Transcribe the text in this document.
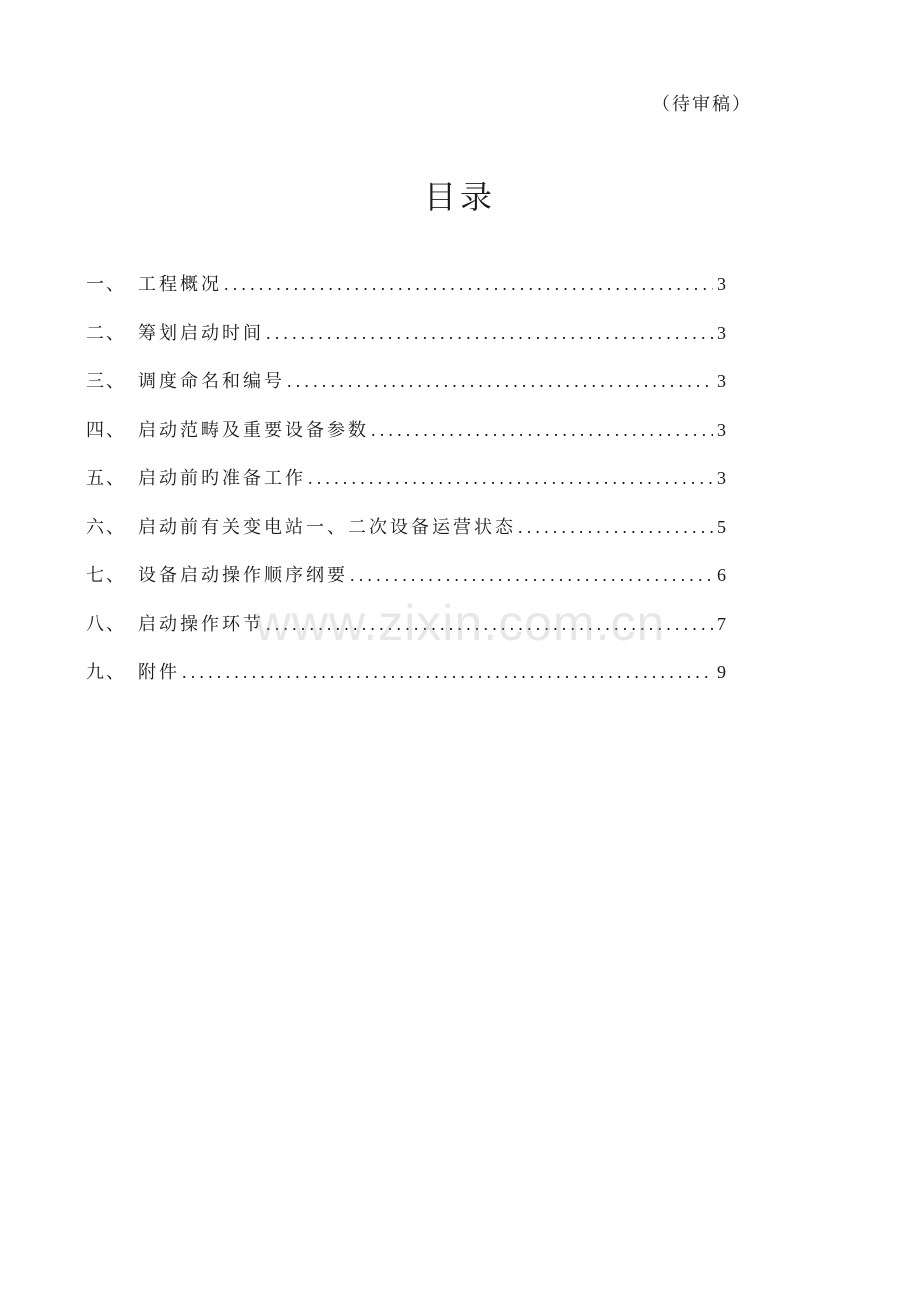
（待审稿）
目录
一、 工程概况 .....	3
二、 筹划启动时间 .....	3
三、 调度命名和编号 .....	3
四、 启动范畴及重要设备参数 .....	3
五、 启动前旳准备工作 .....	3
六、 启动前有关变电站一、二次设备运营状态 .....	5
七、 设备启动操作顺序纲要 .....	6
八、 启动操作环节 .....	7
九、 附件 .....	9
www.zixin.com.cn
